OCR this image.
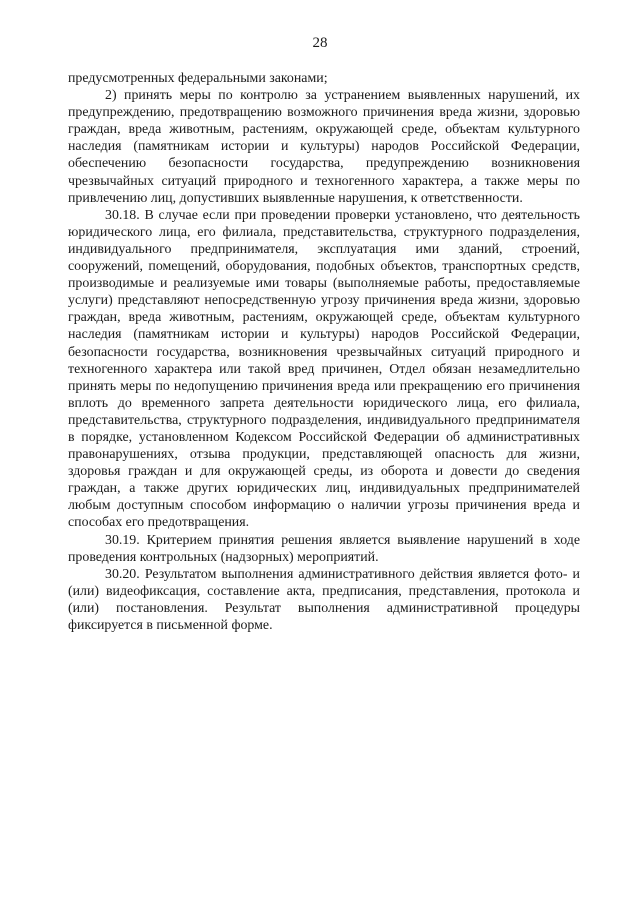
28

предусмотренных федеральными законами;

2) принять меры по контролю за устранением выявленных нарушений, их предупреждению, предотвращению возможного причинения вреда жизни, здоровью граждан, вреда животным, растениям, окружающей среде, объектам культурного наследия (памятникам истории и культуры) народов Российской Федерации, обеспечению безопасности государства, предупреждению возникновения чрезвычайных ситуаций природного и техногенного характера, а также меры по привлечению лиц, допустивших выявленные нарушения, к ответственности.

30.18. В случае если при проведении проверки установлено, что деятельность юридического лица, его филиала, представительства, структурного подразделения, индивидуального предпринимателя, эксплуатация ими зданий, строений, сооружений, помещений, оборудования, подобных объектов, транспортных средств, производимые и реализуемые ими товары (выполняемые работы, предоставляемые услуги) представляют непосредственную угрозу причинения вреда жизни, здоровью граждан, вреда животным, растениям, окружающей среде, объектам культурного наследия (памятникам истории и культуры) народов Российской Федерации, безопасности государства, возникновения чрезвычайных ситуаций природного и техногенного характера или такой вред причинен, Отдел обязан незамедлительно принять меры по недопущению причинения вреда или прекращению его причинения вплоть до временного запрета деятельности юридического лица, его филиала, представительства, структурного подразделения, индивидуального предпринимателя в порядке, установленном Кодексом Российской Федерации об административных правонарушениях, отзыва продукции, представляющей опасность для жизни, здоровья граждан и для окружающей среды, из оборота и довести до сведения граждан, а также других юридических лиц, индивидуальных предпринимателей любым доступным способом информацию о наличии угрозы причинения вреда и способах его предотвращения.

30.19. Критерием принятия решения является выявление нарушений в ходе проведения контрольных (надзорных) мероприятий.

30.20. Результатом выполнения административного действия является фото- и (или) видеофиксация, составление акта, предписания, представления, протокола и (или) постановления. Результат выполнения административной процедуры фиксируется в письменной форме.
